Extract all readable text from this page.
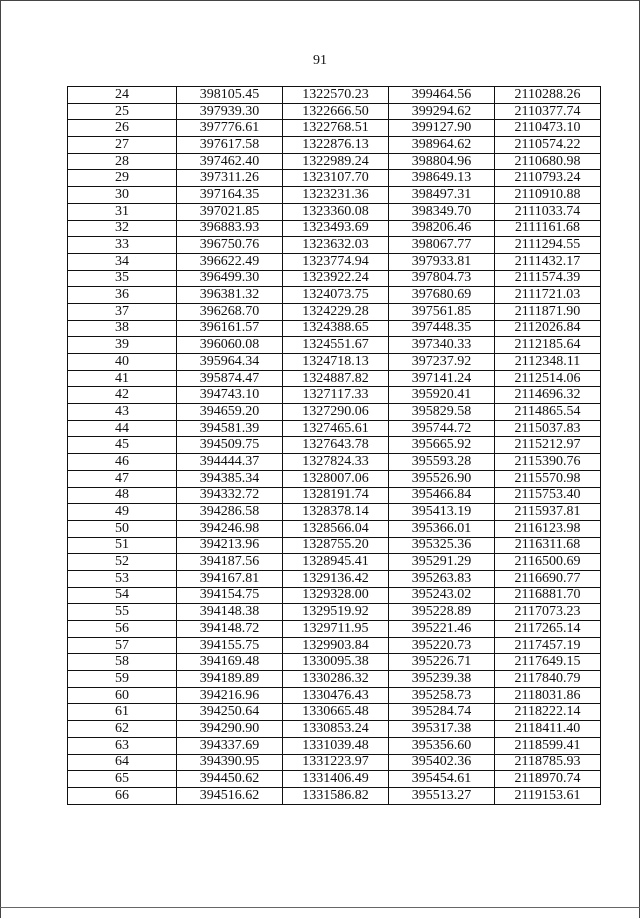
91
24	398105.45	1322570.23	399464.56	2110288.26
25	397939.30	1322666.50	399294.62	2110377.74
26	397776.61	1322768.51	399127.90	2110473.10
27	397617.58	1322876.13	398964.62	2110574.22
28	397462.40	1322989.24	398804.96	2110680.98
29	397311.26	1323107.70	398649.13	2110793.24
30	397164.35	1323231.36	398497.31	2110910.88
31	397021.85	1323360.08	398349.70	2111033.74
32	396883.93	1323493.69	398206.46	2111161.68
33	396750.76	1323632.03	398067.77	2111294.55
34	396622.49	1323774.94	397933.81	2111432.17
35	396499.30	1323922.24	397804.73	2111574.39
36	396381.32	1324073.75	397680.69	2111721.03
37	396268.70	1324229.28	397561.85	2111871.90
38	396161.57	1324388.65	397448.35	2112026.84
39	396060.08	1324551.67	397340.33	2112185.64
40	395964.34	1324718.13	397237.92	2112348.11
41	395874.47	1324887.82	397141.24	2112514.06
42	394743.10	1327117.33	395920.41	2114696.32
43	394659.20	1327290.06	395829.58	2114865.54
44	394581.39	1327465.61	395744.72	2115037.83
45	394509.75	1327643.78	395665.92	2115212.97
46	394444.37	1327824.33	395593.28	2115390.76
47	394385.34	1328007.06	395526.90	2115570.98
48	394332.72	1328191.74	395466.84	2115753.40
49	394286.58	1328378.14	395413.19	2115937.81
50	394246.98	1328566.04	395366.01	2116123.98
51	394213.96	1328755.20	395325.36	2116311.68
52	394187.56	1328945.41	395291.29	2116500.69
53	394167.81	1329136.42	395263.83	2116690.77
54	394154.75	1329328.00	395243.02	2116881.70
55	394148.38	1329519.92	395228.89	2117073.23
56	394148.72	1329711.95	395221.46	2117265.14
57	394155.75	1329903.84	395220.73	2117457.19
58	394169.48	1330095.38	395226.71	2117649.15
59	394189.89	1330286.32	395239.38	2117840.79
60	394216.96	1330476.43	395258.73	2118031.86
61	394250.64	1330665.48	395284.74	2118222.14
62	394290.90	1330853.24	395317.38	2118411.40
63	394337.69	1331039.48	395356.60	2118599.41
64	394390.95	1331223.97	395402.36	2118785.93
65	394450.62	1331406.49	395454.61	2118970.74
66	394516.62	1331586.82	395513.27	2119153.61
